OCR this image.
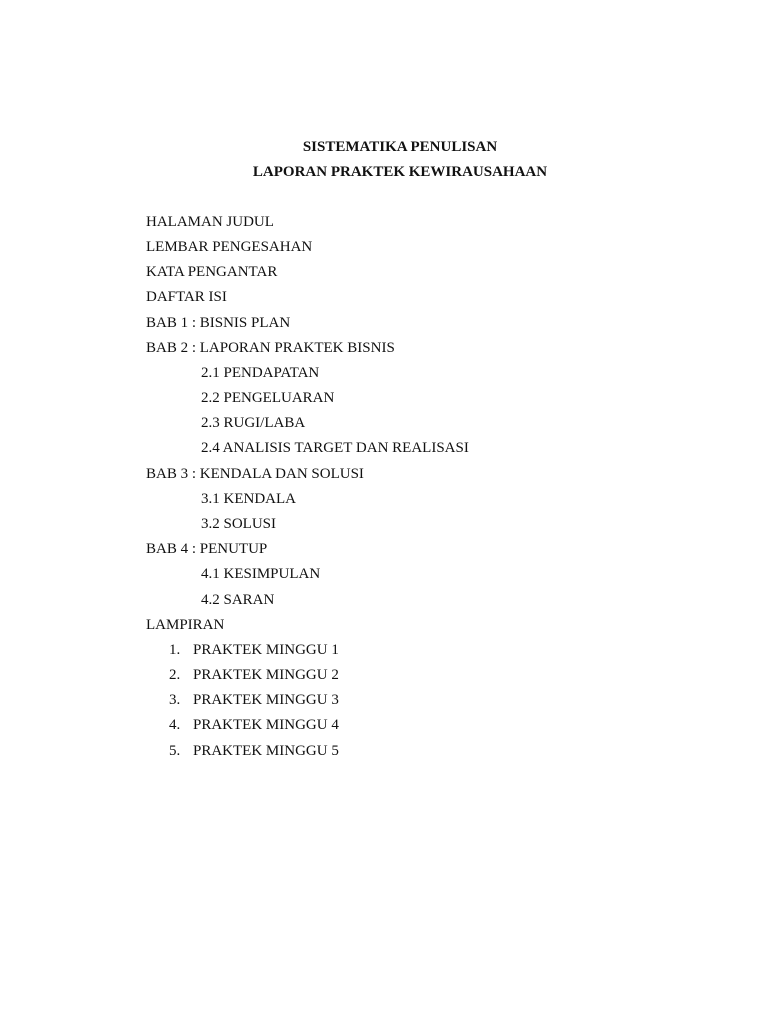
SISTEMATIKA PENULISAN
LAPORAN PRAKTEK KEWIRAUSAHAAN
HALAMAN JUDUL
LEMBAR PENGESAHAN
KATA PENGANTAR
DAFTAR ISI
BAB 1 : BISNIS PLAN
BAB 2 : LAPORAN PRAKTEK BISNIS
2.1 PENDAPATAN
2.2 PENGELUARAN
2.3 RUGI/LABA
2.4 ANALISIS TARGET DAN REALISASI
BAB 3 : KENDALA DAN SOLUSI
3.1 KENDALA
3.2 SOLUSI
BAB 4 : PENUTUP
4.1 KESIMPULAN
4.2 SARAN
LAMPIRAN
1. PRAKTEK MINGGU 1
2. PRAKTEK MINGGU 2
3. PRAKTEK MINGGU 3
4. PRAKTEK MINGGU 4
5. PRAKTEK MINGGU 5
